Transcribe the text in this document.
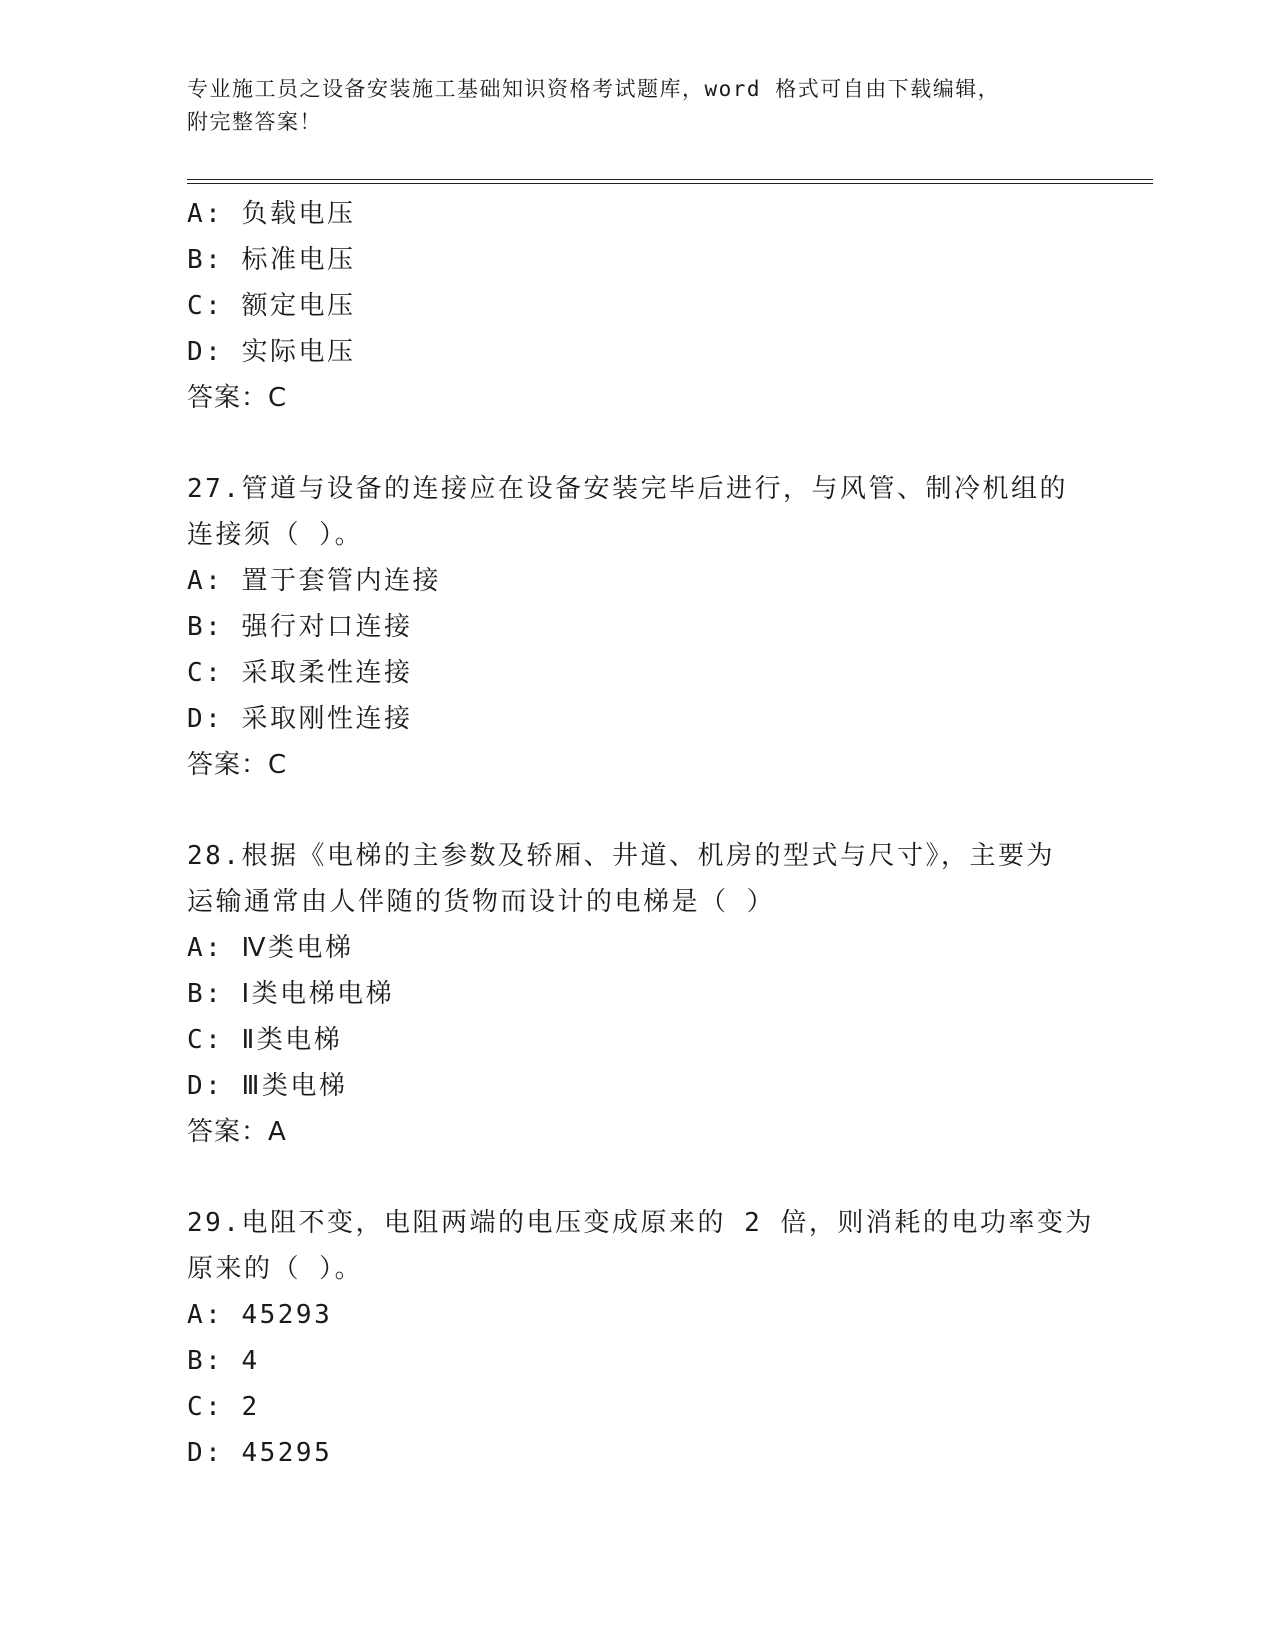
专业施工员之设备安装施工基础知识资格考试题库，word 格式可自由下载编辑，
附完整答案！
A: 负载电压
B: 标准电压
C: 额定电压
D: 实际电压
答案：C
27.管道与设备的连接应在设备安装完毕后进行，与风管、制冷机组的
连接须（ ）。
A: 置于套管内连接
B: 强行对口连接
C: 采取柔性连接
D: 采取刚性连接
答案：C
28.根据《电梯的主参数及轿厢、井道、机房的型式与尺寸》，主要为
运输通常由人伴随的货物而设计的电梯是（ ）
A: Ⅳ类电梯
B: Ⅰ类电梯电梯
C: Ⅱ类电梯
D: Ⅲ类电梯
答案：A
29.电阻不变，电阻两端的电压变成原来的 2 倍，则消耗的电功率变为
原来的（ ）。
A: 45293
B: 4
C: 2
D: 45295
